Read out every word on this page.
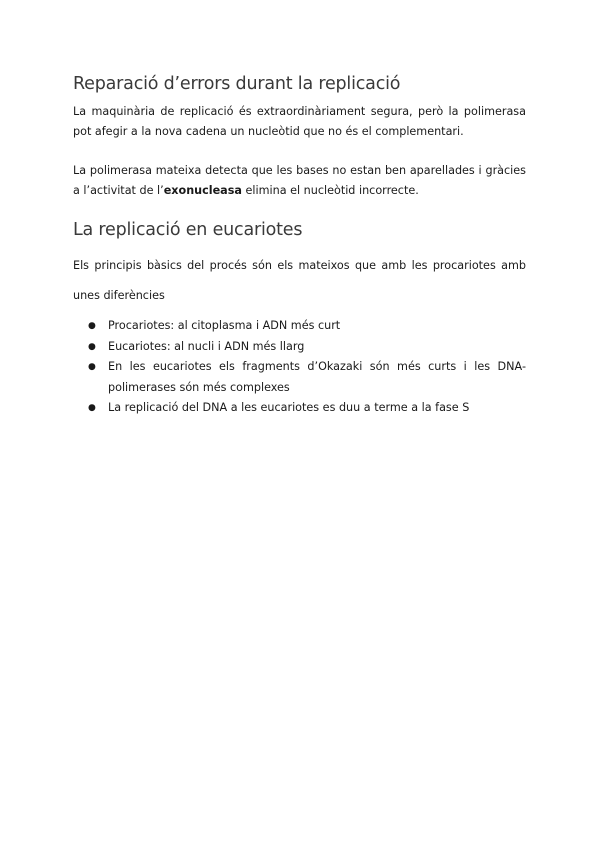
Reparació d’errors durant la replicació

La maquinària de replicació és extraordinàriament segura, però la polimerasa pot afegir a la nova cadena un nucleòtid que no és el complementari.

La polimerasa mateixa detecta que les bases no estan ben aparellades i gràcies a l’activitat de l’exonucleasa elimina el nucleòtid incorrecte.

La replicació en eucariotes

Els principis bàsics del procés són els mateixos que amb les procariotes amb unes diferències

● Procariotes: al citoplasma i ADN més curt
● Eucariotes: al nucli i ADN més llarg
● En les eucariotes els fragments d’Okazaki són més curts i les DNA-polimerases són més complexes
● La replicació del DNA a les eucariotes es duu a terme a la fase S
